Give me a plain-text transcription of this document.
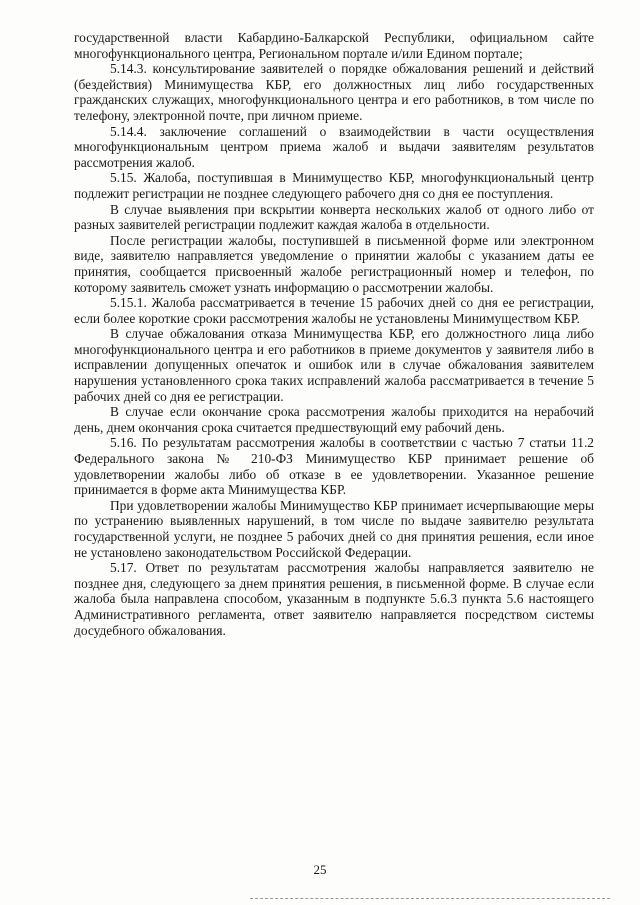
государственной власти Кабардино-Балкарской Республики, официальном сайте многофункционального центра, Региональном портале и/или Едином портале;

5.14.3. консультирование заявителей о порядке обжалования решений и действий (бездействия) Минимущества КБР, его должностных лиц либо государственных гражданских служащих, многофункционального центра и его работников, в том числе по телефону, электронной почте, при личном приеме.

5.14.4. заключение соглашений о взаимодействии в части осуществления многофункциональным центром приема жалоб и выдачи заявителям результатов рассмотрения жалоб.

5.15. Жалоба, поступившая в Минимущество КБР, многофункциональный центр подлежит регистрации не позднее следующего рабочего дня со дня ее поступления.

В случае выявления при вскрытии конверта нескольких жалоб от одного либо от разных заявителей регистрации подлежит каждая жалоба в отдельности.

После регистрации жалобы, поступившей в письменной форме или электронном виде, заявителю направляется уведомление о принятии жалобы с указанием даты ее принятия, сообщается присвоенный жалобе регистрационный номер и телефон, по которому заявитель сможет узнать информацию о рассмотрении жалобы.

5.15.1. Жалоба рассматривается в течение 15 рабочих дней со дня ее регистрации, если более короткие сроки рассмотрения жалобы не установлены Минимуществом КБР.

В случае обжалования отказа Минимущества КБР, его должностного лица либо многофункционального центра и его работников в приеме документов у заявителя либо в исправлении допущенных опечаток и ошибок или в случае обжалования заявителем нарушения установленного срока таких исправлений жалоба рассматривается в течение 5 рабочих дней со дня ее регистрации.

В случае если окончание срока рассмотрения жалобы приходится на нерабочий день, днем окончания срока считается предшествующий ему рабочий день.

5.16. По результатам рассмотрения жалобы в соответствии с частью 7 статьи 11.2 Федерального закона № 210-ФЗ Минимущество КБР принимает решение об удовлетворении жалобы либо об отказе в ее удовлетворении. Указанное решение принимается в форме акта Минимущества КБР.

При удовлетворении жалобы Минимущество КБР принимает исчерпывающие меры по устранению выявленных нарушений, в том числе по выдаче заявителю результата государственной услуги, не позднее 5 рабочих дней со дня принятия решения, если иное не установлено законодательством Российской Федерации.

5.17. Ответ по результатам рассмотрения жалобы направляется заявителю не позднее дня, следующего за днем принятия решения, в письменной форме. В случае если жалоба была направлена способом, указанным в подпункте 5.6.3 пункта 5.6 настоящего Административного регламента, ответ заявителю направляется посредством системы досудебного обжалования.

25
